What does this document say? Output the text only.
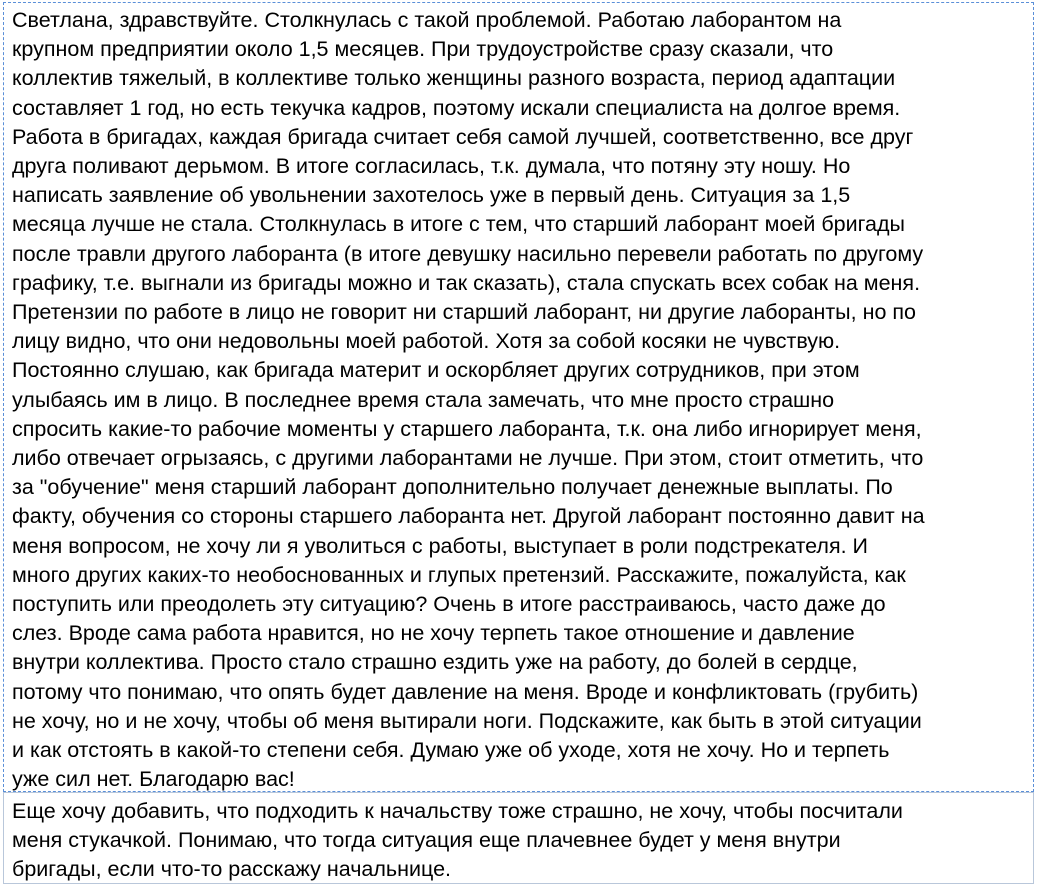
Светлана, здравствуйте. Столкнулась с такой проблемой. Работаю лаборантом на
крупном предприятии около 1,5 месяцев. При трудоустройстве сразу сказали, что
коллектив тяжелый, в коллективе только женщины разного возраста, период адаптации
составляет 1 год, но есть текучка кадров, поэтому искали специалиста на долгое время.
Работа в бригадах, каждая бригада считает себя самой лучшей, соответственно, все друг
друга поливают дерьмом. В итоге согласилась, т.к. думала, что потяну эту ношу. Но
написать заявление об увольнении захотелось уже в первый день. Ситуация за 1,5
месяца лучше не стала. Столкнулась в итоге с тем, что старший лаборант моей бригады
после травли другого лаборанта (в итоге девушку насильно перевели работать по другому
графику, т.е. выгнали из бригады можно и так сказать), стала спускать всех собак на меня.
Претензии по работе в лицо не говорит ни старший лаборант, ни другие лаборанты, но по
лицу видно, что они недовольны моей работой. Хотя за собой косяки не чувствую.
Постоянно слушаю, как бригада материт и оскорбляет других сотрудников, при этом
улыбаясь им в лицо. В последнее время стала замечать, что мне просто страшно
спросить какие-то рабочие моменты у старшего лаборанта, т.к. она либо игнорирует меня,
либо отвечает огрызаясь, с другими лаборантами не лучше. При этом, стоит отметить, что
за "обучение" меня старший лаборант дополнительно получает денежные выплаты. По
факту, обучения со стороны старшего лаборанта нет. Другой лаборант постоянно давит на
меня вопросом, не хочу ли я уволиться с работы, выступает в роли подстрекателя. И
много других каких-то необоснованных и глупых претензий. Расскажите, пожалуйста, как
поступить или преодолеть эту ситуацию? Очень в итоге расстраиваюсь, часто даже до
слез. Вроде сама работа нравится, но не хочу терпеть такое отношение и давление
внутри коллектива. Просто стало страшно ездить уже на работу, до болей в сердце,
потому что понимаю, что опять будет давление на меня. Вроде и конфликтовать (грубить)
не хочу, но и не хочу, чтобы об меня вытирали ноги. Подскажите, как быть в этой ситуации
и как отстоять в какой-то степени себя. Думаю уже об уходе, хотя не хочу. Но и терпеть
уже сил нет. Благодарю вас!
Еще хочу добавить, что подходить к начальству тоже страшно, не хочу, чтобы посчитали
меня стукачкой. Понимаю, что тогда ситуация еще плачевнее будет у меня внутри
бригады, если что-то расскажу начальнице.
